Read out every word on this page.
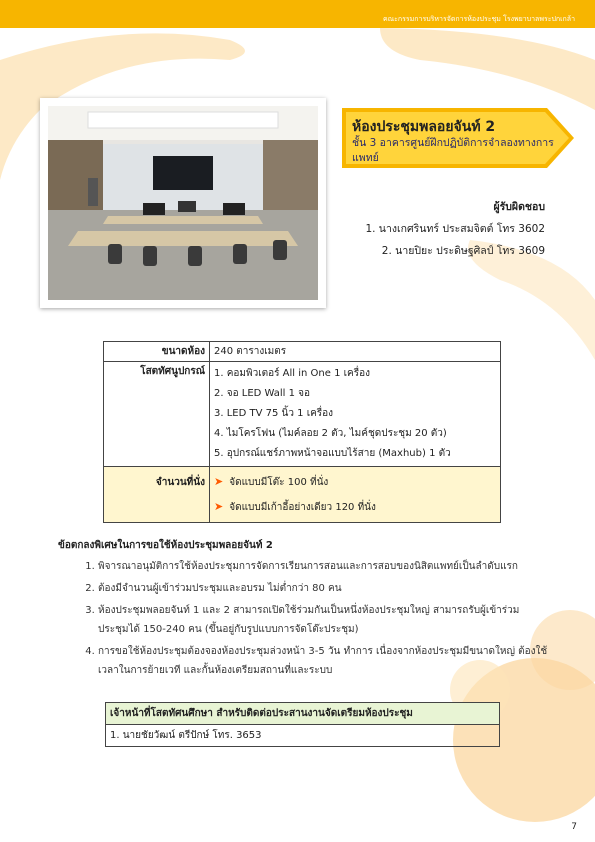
คณะกรรมการบริหารจัดการห้องประชุม โรงพยาบาลพระปกเกล้า
ห้องประชุมพลอยจันท์ 2
ชั้น 3 อาคารศูนย์ฝึกปฏิบัติการจำลองทางการแพทย์
ผู้รับผิดชอบ
1. นางเกศรินทร์ ประสมจิตต์ โทร 3602
2. นายปิยะ ประดิษฐศิลป์ โทร 3609
ขนาดห้อง	240 ตารางเมตร
โสตทัศนูปกรณ์	1. คอมพิวเตอร์ All in One 1 เครื่อง
2. จอ LED Wall 1 จอ
3. LED TV 75 นิ้ว 1 เครื่อง
4. ไมโครโฟน (ไมค์ลอย 2 ตัว, ไมค์ชุดประชุม 20 ตัว)
5. อุปกรณ์แชร์ภาพหน้าจอแบบไร้สาย (Maxhub) 1 ตัว

จำนวนที่นั่ง	➤ จัดแบบมีโต๊ะ 100 ที่นั่ง
➤ จัดแบบมีเก้าอี้อย่างเดียว 120 ที่นั่ง
ข้อตกลงพิเศษในการขอใช้ห้องประชุมพลอยจันท์ 2
1. พิจารณาอนุมัติการใช้ห้องประชุมการจัดการเรียนการสอนและการสอบของนิสิตแพทย์เป็นลำดับแรก
2. ต้องมีจำนวนผู้เข้าร่วมประชุมและอบรม ไม่ต่ำกว่า 80 คน
3. ห้องประชุมพลอยจันท์ 1 และ 2 สามารถเปิดใช้ร่วมกันเป็นหนึ่งห้องประชุมใหญ่ สามารถรับผู้เข้าร่วมประชุมได้ 150-240 คน (ขึ้นอยู่กับรูปแบบการจัดโต๊ะประชุม)
4. การขอใช้ห้องประชุมต้องจองห้องประชุมล่วงหน้า 3-5 วัน ทำการ เนื่องจากห้องประชุมมีขนาดใหญ่ ต้องใช้เวลาในการย้ายเวที และกั้นห้องเตรียมสถานที่และระบบ
เจ้าหน้าที่โสตทัศนศึกษา สำหรับติดต่อประสานงานจัดเตรียมห้องประชุม
1. นายชัยวัฒน์ ตรีปักษ์ โทร. 3653
7
